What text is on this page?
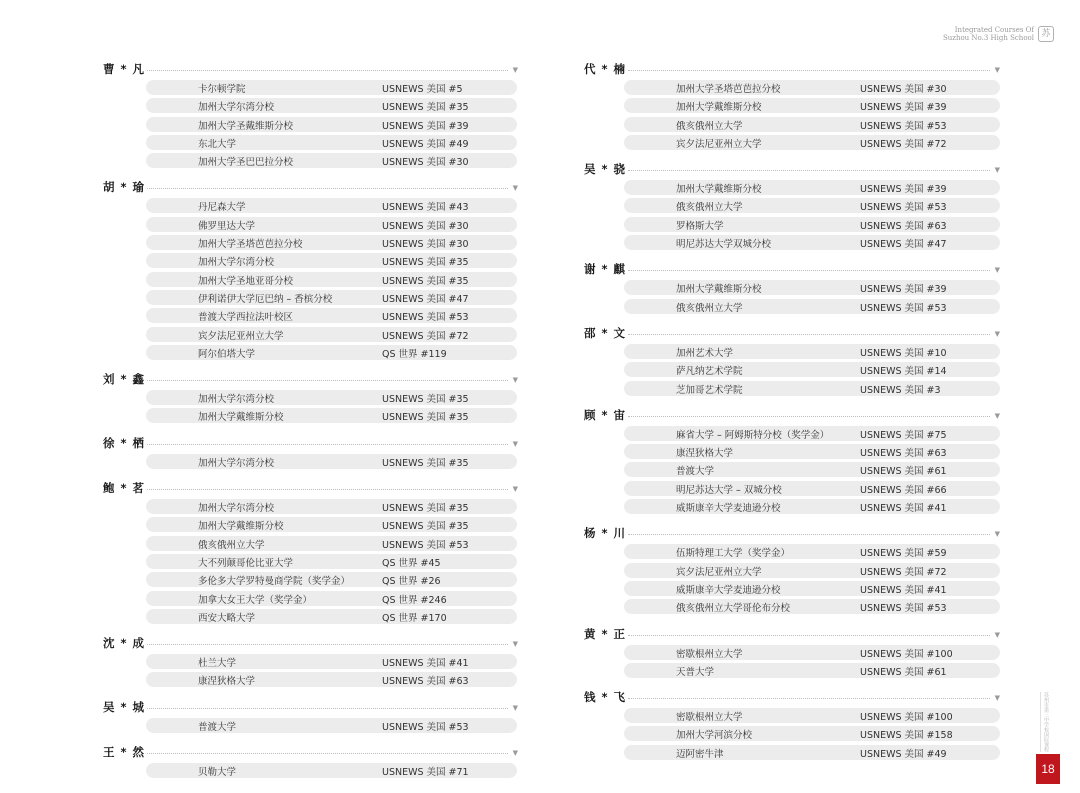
Integrated Courses Of
Suzhou No.3 High School 苏
曹 * 凡	▼
卡尔顿学院	USNEWS 美国 #5
加州大学尔湾分校	USNEWS 美国 #35
加州大学圣戴维斯分校	USNEWS 美国 #39
东北大学	USNEWS 美国 #49
加州大学圣巴巴拉分校	USNEWS 美国 #30
胡 * 瑜	▼
丹尼森大学	USNEWS 美国 #43
佛罗里达大学	USNEWS 美国 #30
加州大学圣塔芭芭拉分校	USNEWS 美国 #30
加州大学尔湾分校	USNEWS 美国 #35
加州大学圣地亚哥分校	USNEWS 美国 #35
伊利诺伊大学厄巴纳 – 香槟分校	USNEWS 美国 #47
普渡大学西拉法叶校区	USNEWS 美国 #53
宾夕法尼亚州立大学	USNEWS 美国 #72
阿尔伯塔大学	QS 世界 #119
刘 * 鑫	▼
加州大学尔湾分校	USNEWS 美国 #35
加州大学戴维斯分校	USNEWS 美国 #35
徐 * 栖	▼
加州大学尔湾分校	USNEWS 美国 #35
鲍 * 茗	▼
加州大学尔湾分校	USNEWS 美国 #35
加州大学戴维斯分校	USNEWS 美国 #35
俄亥俄州立大学	USNEWS 美国 #53
大不列颠哥伦比亚大学	QS 世界 #45
多伦多大学罗特曼商学院（奖学金）	QS 世界 #26
加拿大女王大学（奖学金）	QS 世界 #246
西安大略大学	QS 世界 #170
沈 * 成	▼
杜兰大学	USNEWS 美国 #41
康涅狄格大学	USNEWS 美国 #63
吴 * 城	▼
普渡大学	USNEWS 美国 #53
王 * 然	▼
贝勒大学	USNEWS 美国 #71
代 * 楠	▼
加州大学圣塔芭芭拉分校	USNEWS 美国 #30
加州大学戴维斯分校	USNEWS 美国 #39
俄亥俄州立大学	USNEWS 美国 #53
宾夕法尼亚州立大学	USNEWS 美国 #72
吴 * 骁	▼
加州大学戴维斯分校	USNEWS 美国 #39
俄亥俄州立大学	USNEWS 美国 #53
罗格斯大学	USNEWS 美国 #63
明尼苏达大学双城分校	USNEWS 美国 #47
谢 * 麒	▼
加州大学戴维斯分校	USNEWS 美国 #39
俄亥俄州立大学	USNEWS 美国 #53
邵 * 文	▼
加州艺术大学	USNEWS 美国 #10
萨凡纳艺术学院	USNEWS 美国 #14
芝加哥艺术学院	USNEWS 美国 #3
顾 * 宙	▼
麻省大学 – 阿姆斯特分校（奖学金）	USNEWS 美国 #75
康涅狄格大学	USNEWS 美国 #63
普渡大学	USNEWS 美国 #61
明尼苏达大学 – 双城分校	USNEWS 美国 #66
威斯康辛大学麦迪逊分校	USNEWS 美国 #41
杨 * 川	▼
伍斯特理工大学（奖学金）	USNEWS 美国 #59
宾夕法尼亚州立大学	USNEWS 美国 #72
威斯康辛大学麦迪逊分校	USNEWS 美国 #41
俄亥俄州立大学哥伦布分校	USNEWS 美国 #53
黄 * 正	▼
密歇根州立大学	USNEWS 美国 #100
天普大学	USNEWS 美国 #61
钱 * 飞	▼
密歇根州立大学	USNEWS 美国 #100
加州大学河滨分校	USNEWS 美国 #158
迈阿密牛津	USNEWS 美国 #49
苏州市第三中学校国际课程
18
